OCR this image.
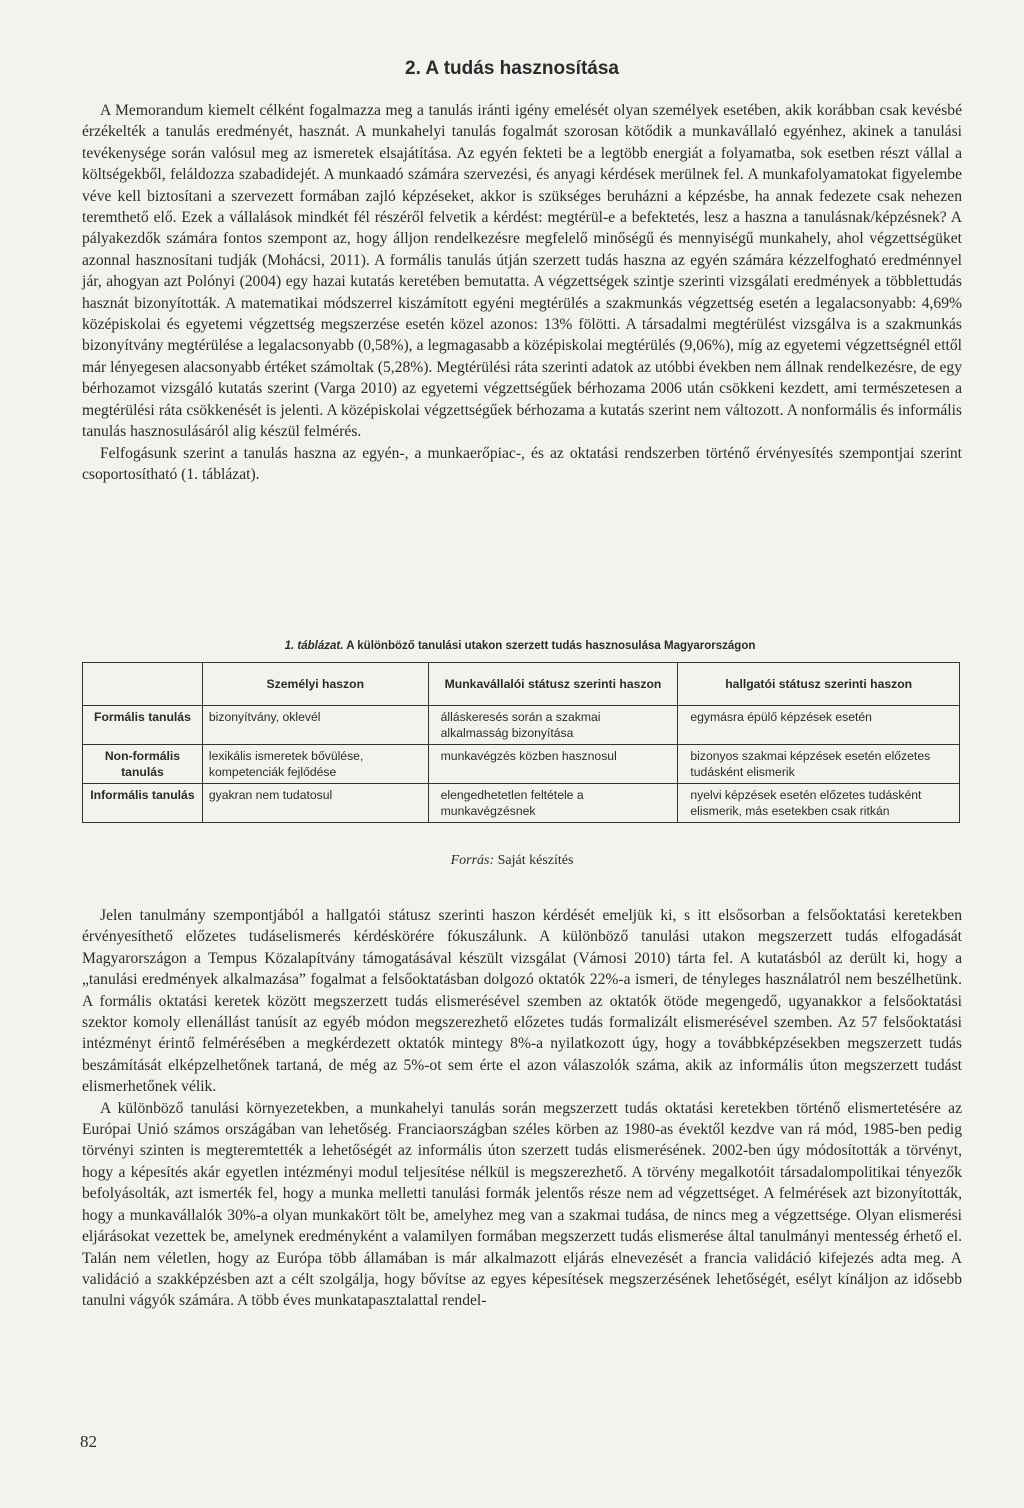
2. A tudás hasznosítása

A Memorandum kiemelt célként fogalmazza meg a tanulás iránti igény emelését olyan személyek esetében, akik korábban csak kevésbé érzékelték a tanulás eredményét, hasznát. A munkahelyi tanulás fogalmát szorosan kötődik a munkavállaló egyénhez, akinek a tanulási tevékenysége során valósul meg az ismeretek elsajátítása. Az egyén fekteti be a legtöbb energiát a folyamatba, sok esetben részt vállal a költségekből, feláldozza szabadidejét. A munkaadó számára szervezési, és anyagi kérdések merülnek fel. A munkafolyamatokat figyelembe véve kell biztosítani a szervezett formában zajló képzéseket, akkor is szükséges beruházni a képzésbe, ha annak fedezete csak nehezen teremthető elő. Ezek a vállalások mindkét fél részéről felvetik a kérdést: megtérül-e a befektetés, lesz a haszna a tanulásnak/képzésnek? A pályakezdők számára fontos szempont az, hogy álljon rendelkezésre megfelelő minőségű és mennyiségű munkahely, ahol végzettségüket azonnal hasznosítani tudják (Mohácsi, 2011). A formális tanulás útján szerzett tudás haszna az egyén számára kézzelfogható eredménnyel jár, ahogyan azt Polónyi (2004) egy hazai kutatás keretében bemutatta. A végzettségek szintje szerinti vizsgálati eredmények a többlettudás hasznát bizonyították. A matematikai módszerrel kiszámított egyéni megtérülés a szakmunkás végzettség esetén a legalacsonyabb: 4,69% középiskolai és egyetemi végzettség megszerzése esetén közel azonos: 13% fölötti. A társadalmi megtérülést vizsgálva is a szakmunkás bizonyítvány megtérülése a legalacsonyabb (0,58%), a legmagasabb a középiskolai megtérülés (9,06%), míg az egyetemi végzettségnél ettől már lényegesen alacsonyabb értéket számoltak (5,28%). Megtérülési ráta szerinti adatok az utóbbi években nem állnak rendelkezésre, de egy bérhozamot vizsgáló kutatás szerint (Varga 2010) az egyetemi végzettségűek bérhozama 2006 után csökkeni kezdett, ami természetesen a megtérülési ráta csökkenését is jelenti. A középiskolai végzettségűek bérhozama a kutatás szerint nem változott. A nonformális és informális tanulás hasznosulásáról alig készül felmérés.

Felfogásunk szerint a tanulás haszna az egyén-, a munkaerőpiac-, és az oktatási rendszerben történő érvényesítés szempontjai szerint csoportosítható (1. táblázat).

1. táblázat. A különböző tanulási utakon szerzett tudás hasznosulása Magyarországon
	Személyi haszon	Munkavállalói státusz szerinti haszon	hallgatói státusz szerinti haszon
Formális tanulás	bizonyítvány, oklevél	álláskeresés során a szakmai alkalmasság bizonyítása	egymásra épülő képzések esetén
Non-formális tanulás	lexikális ismeretek bővülése, kompetenciák fejlődése	munkavégzés közben hasznosul	bizonyos szakmai képzések esetén előzetes tudásként elismerik
Informális tanulás	gyakran nem tudatosul	elengedhetetlen feltétele a munkavégzésnek	nyelvi képzések esetén előzetes tudásként elismerik, más esetekben csak ritkán
Forrás: Saját készítés

Jelen tanulmány szempontjából a hallgatói státusz szerinti haszon kérdését emeljük ki, s itt elsősorban a felsőoktatási keretekben érvényesíthető előzetes tudáselismerés kérdéskörére fókuszálunk. A különböző tanulási utakon megszerzett tudás elfogadását Magyarországon a Tempus Közalapítvány támogatásával készült vizsgálat (Vámosi 2010) tárta fel. A kutatásból az derült ki, hogy a „tanulási eredmények alkalmazása” fogalmat a felsőoktatásban dolgozó oktatók 22%-a ismeri, de tényleges használatról nem beszélhetünk. A formális oktatási keretek között megszerzett tudás elismerésével szemben az oktatók ötöde megengedő, ugyanakkor a felsőoktatási szektor komoly ellenállást tanúsít az egyéb módon megszerezhető előzetes tudás formalizált elismerésével szemben. Az 57 felsőoktatási intézményt érintő felmérésében a megkérdezett oktatók mintegy 8%-a nyilatkozott úgy, hogy a továbbképzésekben megszerzett tudás beszámítását elképzelhetőnek tartaná, de még az 5%-ot sem érte el azon válaszolók száma, akik az informális úton megszerzett tudást elismerhetőnek vélik.

A különböző tanulási környezetekben, a munkahelyi tanulás során megszerzett tudás oktatási keretekben történő elismertetésére az Európai Unió számos országában van lehetőség. Franciaországban széles körben az 1980-as évektől kezdve van rá mód, 1985-ben pedig törvényi szinten is megteremtették a lehetőségét az informális úton szerzett tudás elismerésének. 2002-ben úgy módosították a törvényt, hogy a képesítés akár egyetlen intézményi modul teljesítése nélkül is megszerezhető. A törvény megalkotóit társadalompolitikai tényezők befolyásolták, azt ismerték fel, hogy a munka melletti tanulási formák jelentős része nem ad végzettséget. A felmérések azt bizonyították, hogy a munkavállalók 30%-a olyan munkakört tölt be, amelyhez meg van a szakmai tudása, de nincs meg a végzettsége. Olyan elismerési eljárásokat vezettek be, amelynek eredményként a valamilyen formában megszerzett tudás elismerése által tanulmányi mentesség érhető el. Talán nem véletlen, hogy az Európa több államában is már alkalmazott eljárás elnevezését a francia validáció kifejezés adta meg. A validáció a szakképzésben azt a célt szolgálja, hogy bővítse az egyes képesítések megszerzésének lehetőségét, esélyt kínáljon az idősebb tanulni vágyók számára. A több éves munkatapasztalattal rendel-

82
